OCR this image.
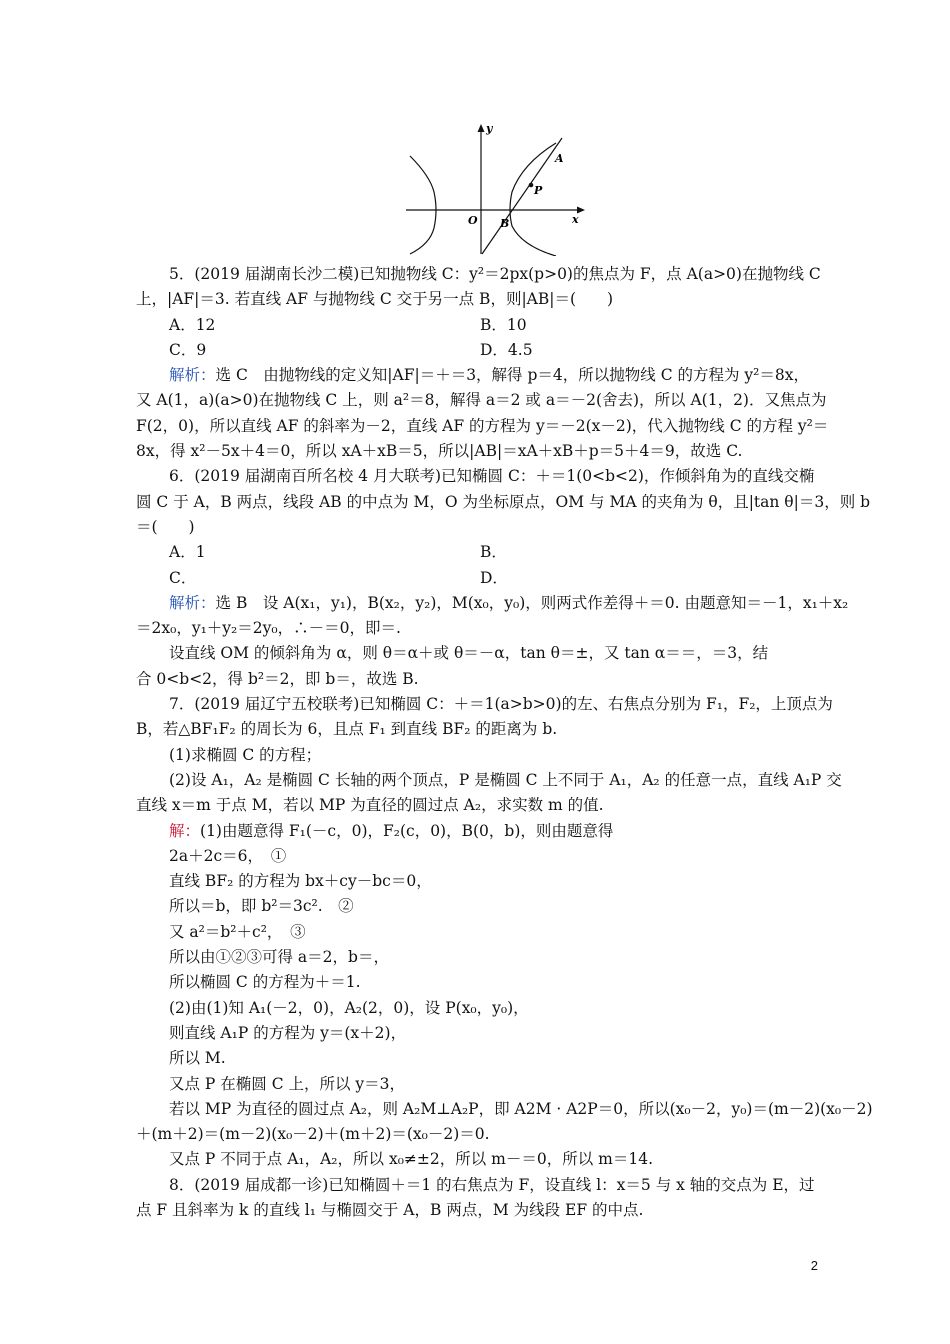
y
x
O
A
B
P
5．(2019 届湖南长沙二模)已知抛物线 C：y²＝2px(p>0)的焦点为 F，点 A(a>0)在抛物线 C
上，|AF|＝3. 若直线 AF 与抛物线 C 交于另一点 B，则|AB|＝(　　)
A．12	B．10
C．9	D．4.5
解析：选 C　由抛物线的定义知|AF|＝＋＝3，解得 p＝4，所以抛物线 C 的方程为 y²＝8x，
又 A(1，a)(a>0)在抛物线 C 上，则 a²＝8，解得 a＝2 或 a＝－2(舍去)，所以 A(1，2)．又焦点为
F(2，0)，所以直线 AF 的斜率为－2，直线 AF 的方程为 y＝－2(x－2)，代入抛物线 C 的方程 y²＝
8x，得 x²－5x＋4＝0，所以 xA＋xB＝5，所以|AB|＝xA＋xB＋p＝5＋4＝9，故选 C.
6．(2019 届湖南百所名校 4 月大联考)已知椭圆 C：＋＝1(0<b<2)，作倾斜角为的直线交椭
圆 C 于 A，B 两点，线段 AB 的中点为 M，O 为坐标原点，OM 与 MA 的夹角为 θ，且|tan θ|＝3，则 b
＝(　　)
A．1	B．
C．	D．
解析：选 B　设 A(x₁，y₁)，B(x₂，y₂)，M(x₀，y₀)，则两式作差得＋＝0. 由题意知＝－1，x₁＋x₂
＝2x₀，y₁＋y₂＝2y₀，∴－＝0，即＝.
设直线 OM 的倾斜角为 α，则 θ＝α＋或 θ＝－α，tan θ＝±，又 tan α＝＝，＝3，结
合 0<b<2，得 b²＝2，即 b＝，故选 B.
7．(2019 届辽宁五校联考)已知椭圆 C：＋＝1(a>b>0)的左、右焦点分别为 F₁，F₂，上顶点为
B，若△BF₁F₂ 的周长为 6，且点 F₁ 到直线 BF₂ 的距离为 b.
(1)求椭圆 C 的方程；
(2)设 A₁，A₂ 是椭圆 C 长轴的两个顶点，P 是椭圆 C 上不同于 A₁，A₂ 的任意一点，直线 A₁P 交
直线 x＝m 于点 M，若以 MP 为直径的圆过点 A₂，求实数 m 的值.
解：(1)由题意得 F₁(－c，0)，F₂(c，0)，B(0，b)，则由题意得
2a＋2c＝6，　①
直线 BF₂ 的方程为 bx＋cy－bc＝0，
所以＝b，即 b²＝3c².　②
又 a²＝b²＋c²，　③
所以由①②③可得 a＝2，b＝，
所以椭圆 C 的方程为＋＝1.
(2)由(1)知 A₁(－2，0)，A₂(2，0)，设 P(x₀，y₀)，
则直线 A₁P 的方程为 y＝(x＋2)，
所以 M.
又点 P 在椭圆 C 上，所以 y＝3，
若以 MP 为直径的圆过点 A₂，则 A₂M⊥A₂P，即 A2M · A2P＝0，所以(x₀－2，y₀)＝(m－2)(x₀－2)
＋(m＋2)＝(m－2)(x₀－2)＋(m＋2)＝(x₀－2)＝0.
又点 P 不同于点 A₁，A₂，所以 x₀≠±2，所以 m－＝0，所以 m＝14.
8．(2019 届成都一诊)已知椭圆＋＝1 的右焦点为 F，设直线 l：x＝5 与 x 轴的交点为 E，过
点 F 且斜率为 k 的直线 l₁ 与椭圆交于 A，B 两点，M 为线段 EF 的中点.
2
